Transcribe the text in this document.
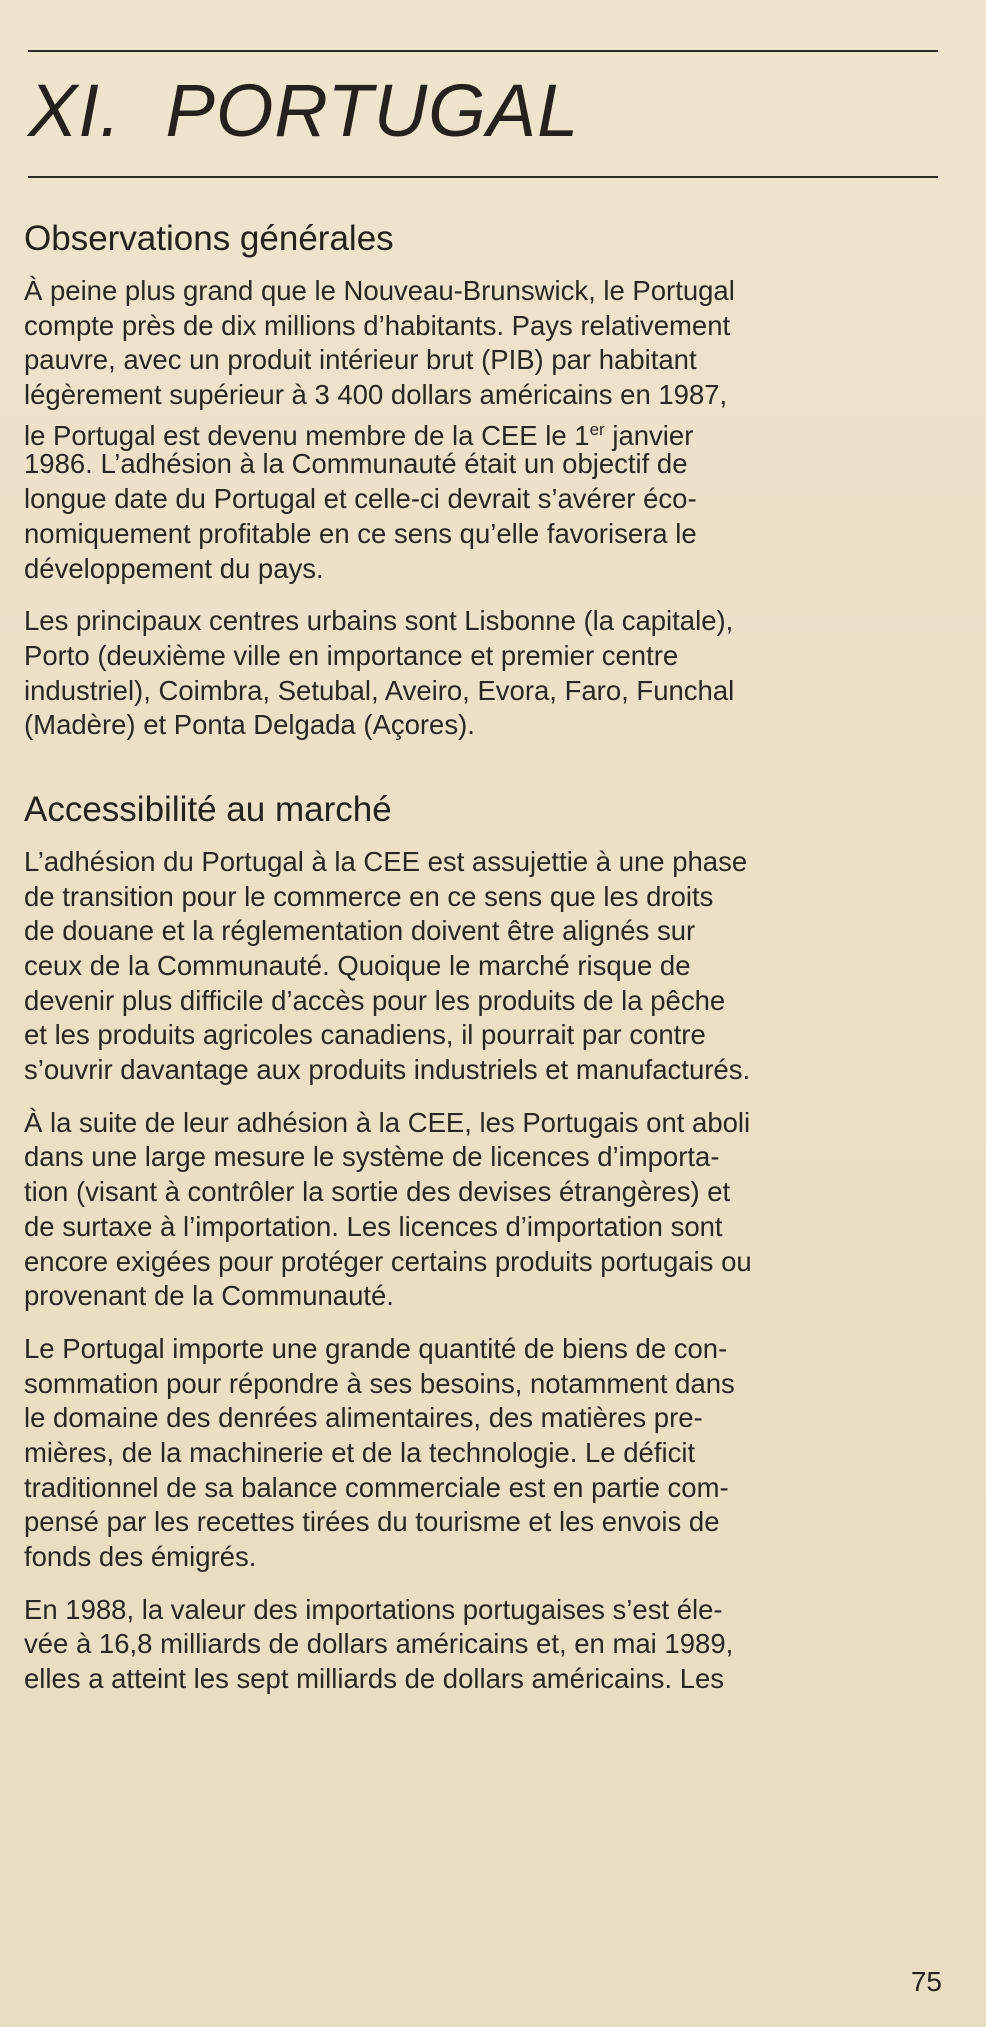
XI. PORTUGAL
Observations générales
À peine plus grand que le Nouveau-Brunswick, le Portugal
compte près de dix millions d’habitants. Pays relativement
pauvre, avec un produit intérieur brut (PIB) par habitant
légèrement supérieur à 3 400 dollars américains en 1987,
le Portugal est devenu membre de la CEE le 1er janvier
1986. L’adhésion à la Communauté était un objectif de
longue date du Portugal et celle-ci devrait s’avérer éco-
nomiquement profitable en ce sens qu’elle favorisera le
développement du pays.
Les principaux centres urbains sont Lisbonne (la capitale),
Porto (deuxième ville en importance et premier centre
industriel), Coimbra, Setubal, Aveiro, Evora, Faro, Funchal
(Madère) et Ponta Delgada (Açores).
Accessibilité au marché
L’adhésion du Portugal à la CEE est assujettie à une phase
de transition pour le commerce en ce sens que les droits
de douane et la réglementation doivent être alignés sur
ceux de la Communauté. Quoique le marché risque de
devenir plus difficile d’accès pour les produits de la pêche
et les produits agricoles canadiens, il pourrait par contre
s’ouvrir davantage aux produits industriels et manufacturés.
À la suite de leur adhésion à la CEE, les Portugais ont aboli
dans une large mesure le système de licences d’importa-
tion (visant à contrôler la sortie des devises étrangères) et
de surtaxe à l’importation. Les licences d’importation sont
encore exigées pour protéger certains produits portugais ou
provenant de la Communauté.
Le Portugal importe une grande quantité de biens de con-
sommation pour répondre à ses besoins, notamment dans
le domaine des denrées alimentaires, des matières pre-
mières, de la machinerie et de la technologie. Le déficit
traditionnel de sa balance commerciale est en partie com-
pensé par les recettes tirées du tourisme et les envois de
fonds des émigrés.
En 1988, la valeur des importations portugaises s’est éle-
vée à 16,8 milliards de dollars américains et, en mai 1989,
elles a atteint les sept milliards de dollars américains. Les
75
